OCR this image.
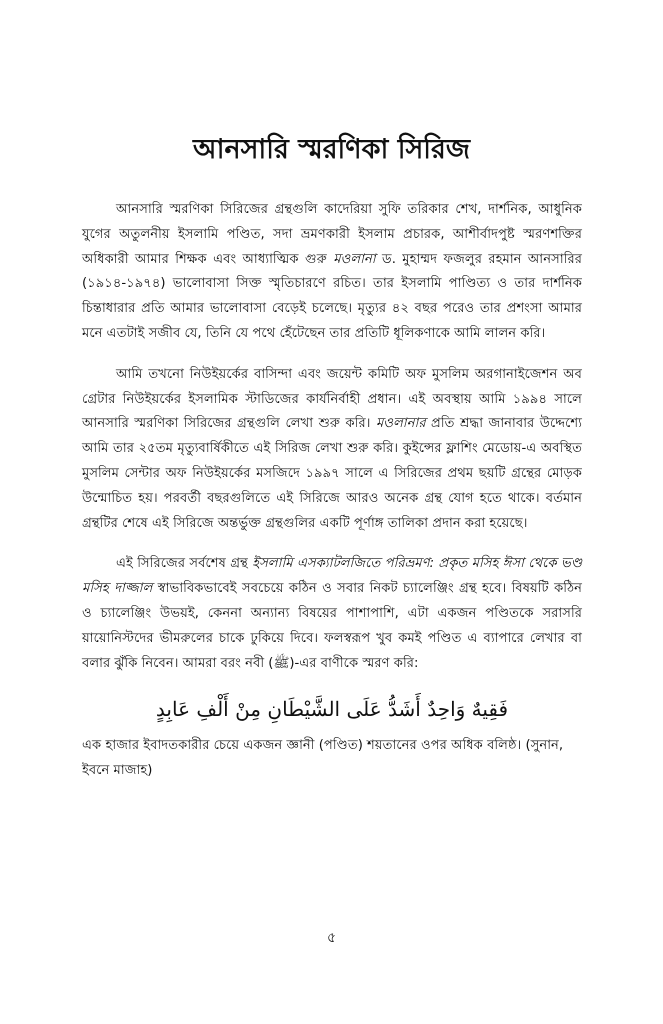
আনসারি স্মরণিকা সিরিজ

আনসারি স্মরণিকা সিরিজের গ্রন্থগুলি কাদেরিয়া সুফি তরিকার শেখ, দার্শনিক, আধুনিক যুগের অতুলনীয় ইসলামি পণ্ডিত, সদা ভ্রমণকারী ইসলাম প্রচারক, আশীর্বাদপুষ্ট স্মরণশক্তির অধিকারী আমার শিক্ষক এবং আধ্যাত্মিক গুরু মওলানা ড. মুহাম্মদ ফজলুর রহমান আনসারির (১৯১৪-১৯৭৪) ভালোবাসা সিক্ত স্মৃতিচারণে রচিত। তার ইসলামি পাণ্ডিত্য ও তার দার্শনিক চিন্তাধারার প্রতি আমার ভালোবাসা বেড়েই চলেছে। মৃত্যুর ৪২ বছর পরেও তার প্রশংসা আমার মনে এতটাই সজীব যে, তিনি যে পথে হেঁটেছেন তার প্রতিটি ধূলিকণাকে আমি লালন করি।

আমি তখনো নিউইয়র্কের বাসিন্দা এবং জয়েন্ট কমিটি অফ মুসলিম অরগানাইজেশন অব গ্রেটার নিউইয়র্কের ইসলামিক স্টাডিজের কার্যনির্বাহী প্রধান। এই অবস্থায় আমি ১৯৯৪ সালে আনসারি স্মরণিকা সিরিজের গ্রন্থগুলি লেখা শুরু করি। মওলানার প্রতি শ্রদ্ধা জানাবার উদ্দেশ্যে আমি তার ২৫তম মৃত্যুবার্ষিকীতে এই সিরিজ লেখা শুরু করি। কুইন্সের ফ্লাশিং মেডোয়-এ অবস্থিত মুসলিম সেন্টার অফ নিউইয়র্কের মসজিদে ১৯৯৭ সালে এ সিরিজের প্রথম ছয়টি গ্রন্থের মোড়ক উন্মোচিত হয়। পরবর্তী বছরগুলিতে এই সিরিজে আরও অনেক গ্রন্থ যোগ হতে থাকে। বর্তমান গ্রন্থটির শেষে এই সিরিজে অন্তর্ভুক্ত গ্রন্থগুলির একটি পূর্ণাঙ্গ তালিকা প্রদান করা হয়েছে।

এই সিরিজের সর্বশেষ গ্রন্থ ইসলামি এসক্যাটলজিতে পরিভ্রমণ: প্রকৃত মসিহ ঈসা থেকে ভণ্ড মসিহ দাজ্জাল স্বাভাবিকভাবেই সবচেয়ে কঠিন ও সবার নিকট চ্যালেঞ্জিং গ্রন্থ হবে। বিষয়টি কঠিন ও চ্যালেঞ্জিং উভয়ই, কেননা অন্যান্য বিষয়ের পাশাপাশি, এটা একজন পণ্ডিতকে সরাসরি য়ায়োনিস্টদের ভীমরুলের চাকে ঢুকিয়ে দিবে। ফলস্বরূপ খুব কমই পণ্ডিত এ ব্যাপারে লেখার বা বলার ঝুঁকি নিবেন। আমরা বরং নবী (ﷺ)-এর বাণীকে স্মরণ করি:

فَقِيهٌ وَاحِدٌ أَشَدُّ عَلَى الشَّيْطَانِ مِنْ أَلْفِ عَابِدٍ

এক হাজার ইবাদতকারীর চেয়ে একজন জ্ঞানী (পণ্ডিত) শয়তানের ওপর অধিক বলিষ্ঠ। (সুনান, ইবনে মাজাহ)

৫
